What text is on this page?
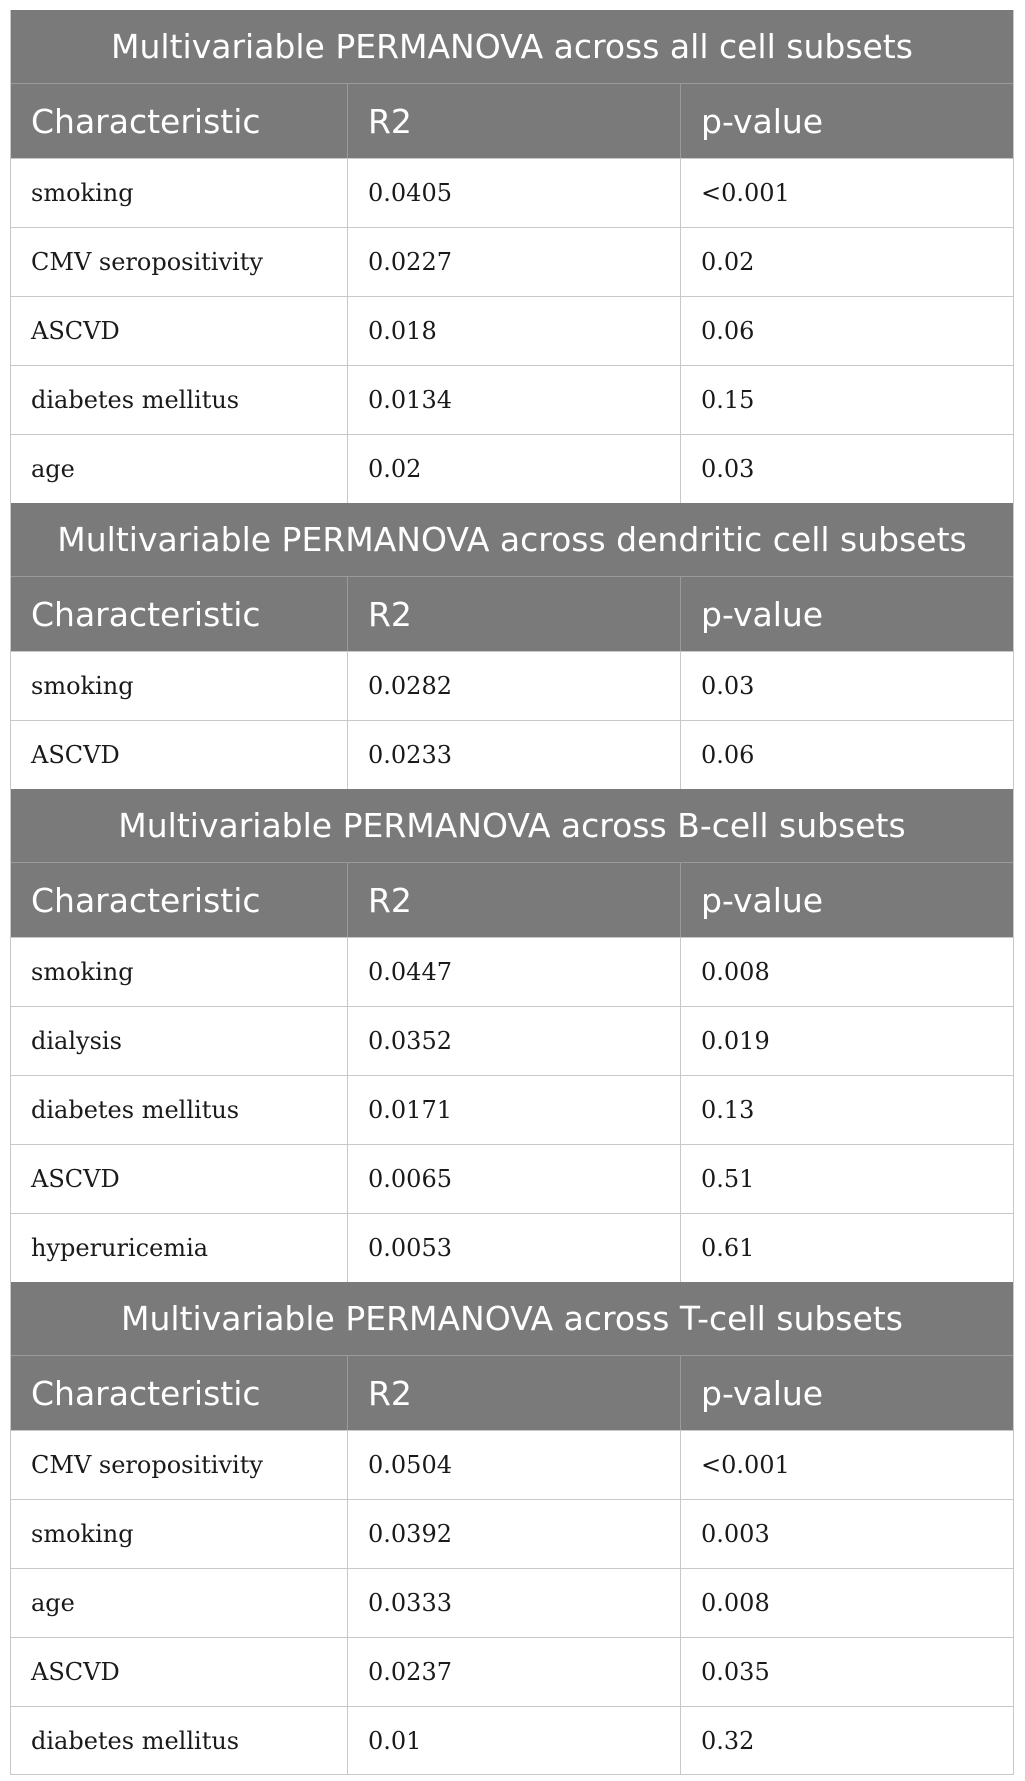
Multivariable PERMANOVA across all cell subsets
Characteristic	R2	p-value
smoking	0.0405	<0.001
CMV seropositivity	0.0227	0.02
ASCVD	0.018	0.06
diabetes mellitus	0.0134	0.15
age	0.02	0.03
Multivariable PERMANOVA across dendritic cell subsets
Characteristic	R2	p-value
smoking	0.0282	0.03
ASCVD	0.0233	0.06
Multivariable PERMANOVA across B-cell subsets
Characteristic	R2	p-value
smoking	0.0447	0.008
dialysis	0.0352	0.019
diabetes mellitus	0.0171	0.13
ASCVD	0.0065	0.51
hyperuricemia	0.0053	0.61
Multivariable PERMANOVA across T-cell subsets
Characteristic	R2	p-value
CMV seropositivity	0.0504	<0.001
smoking	0.0392	0.003
age	0.0333	0.008
ASCVD	0.0237	0.035
diabetes mellitus	0.01	0.32
